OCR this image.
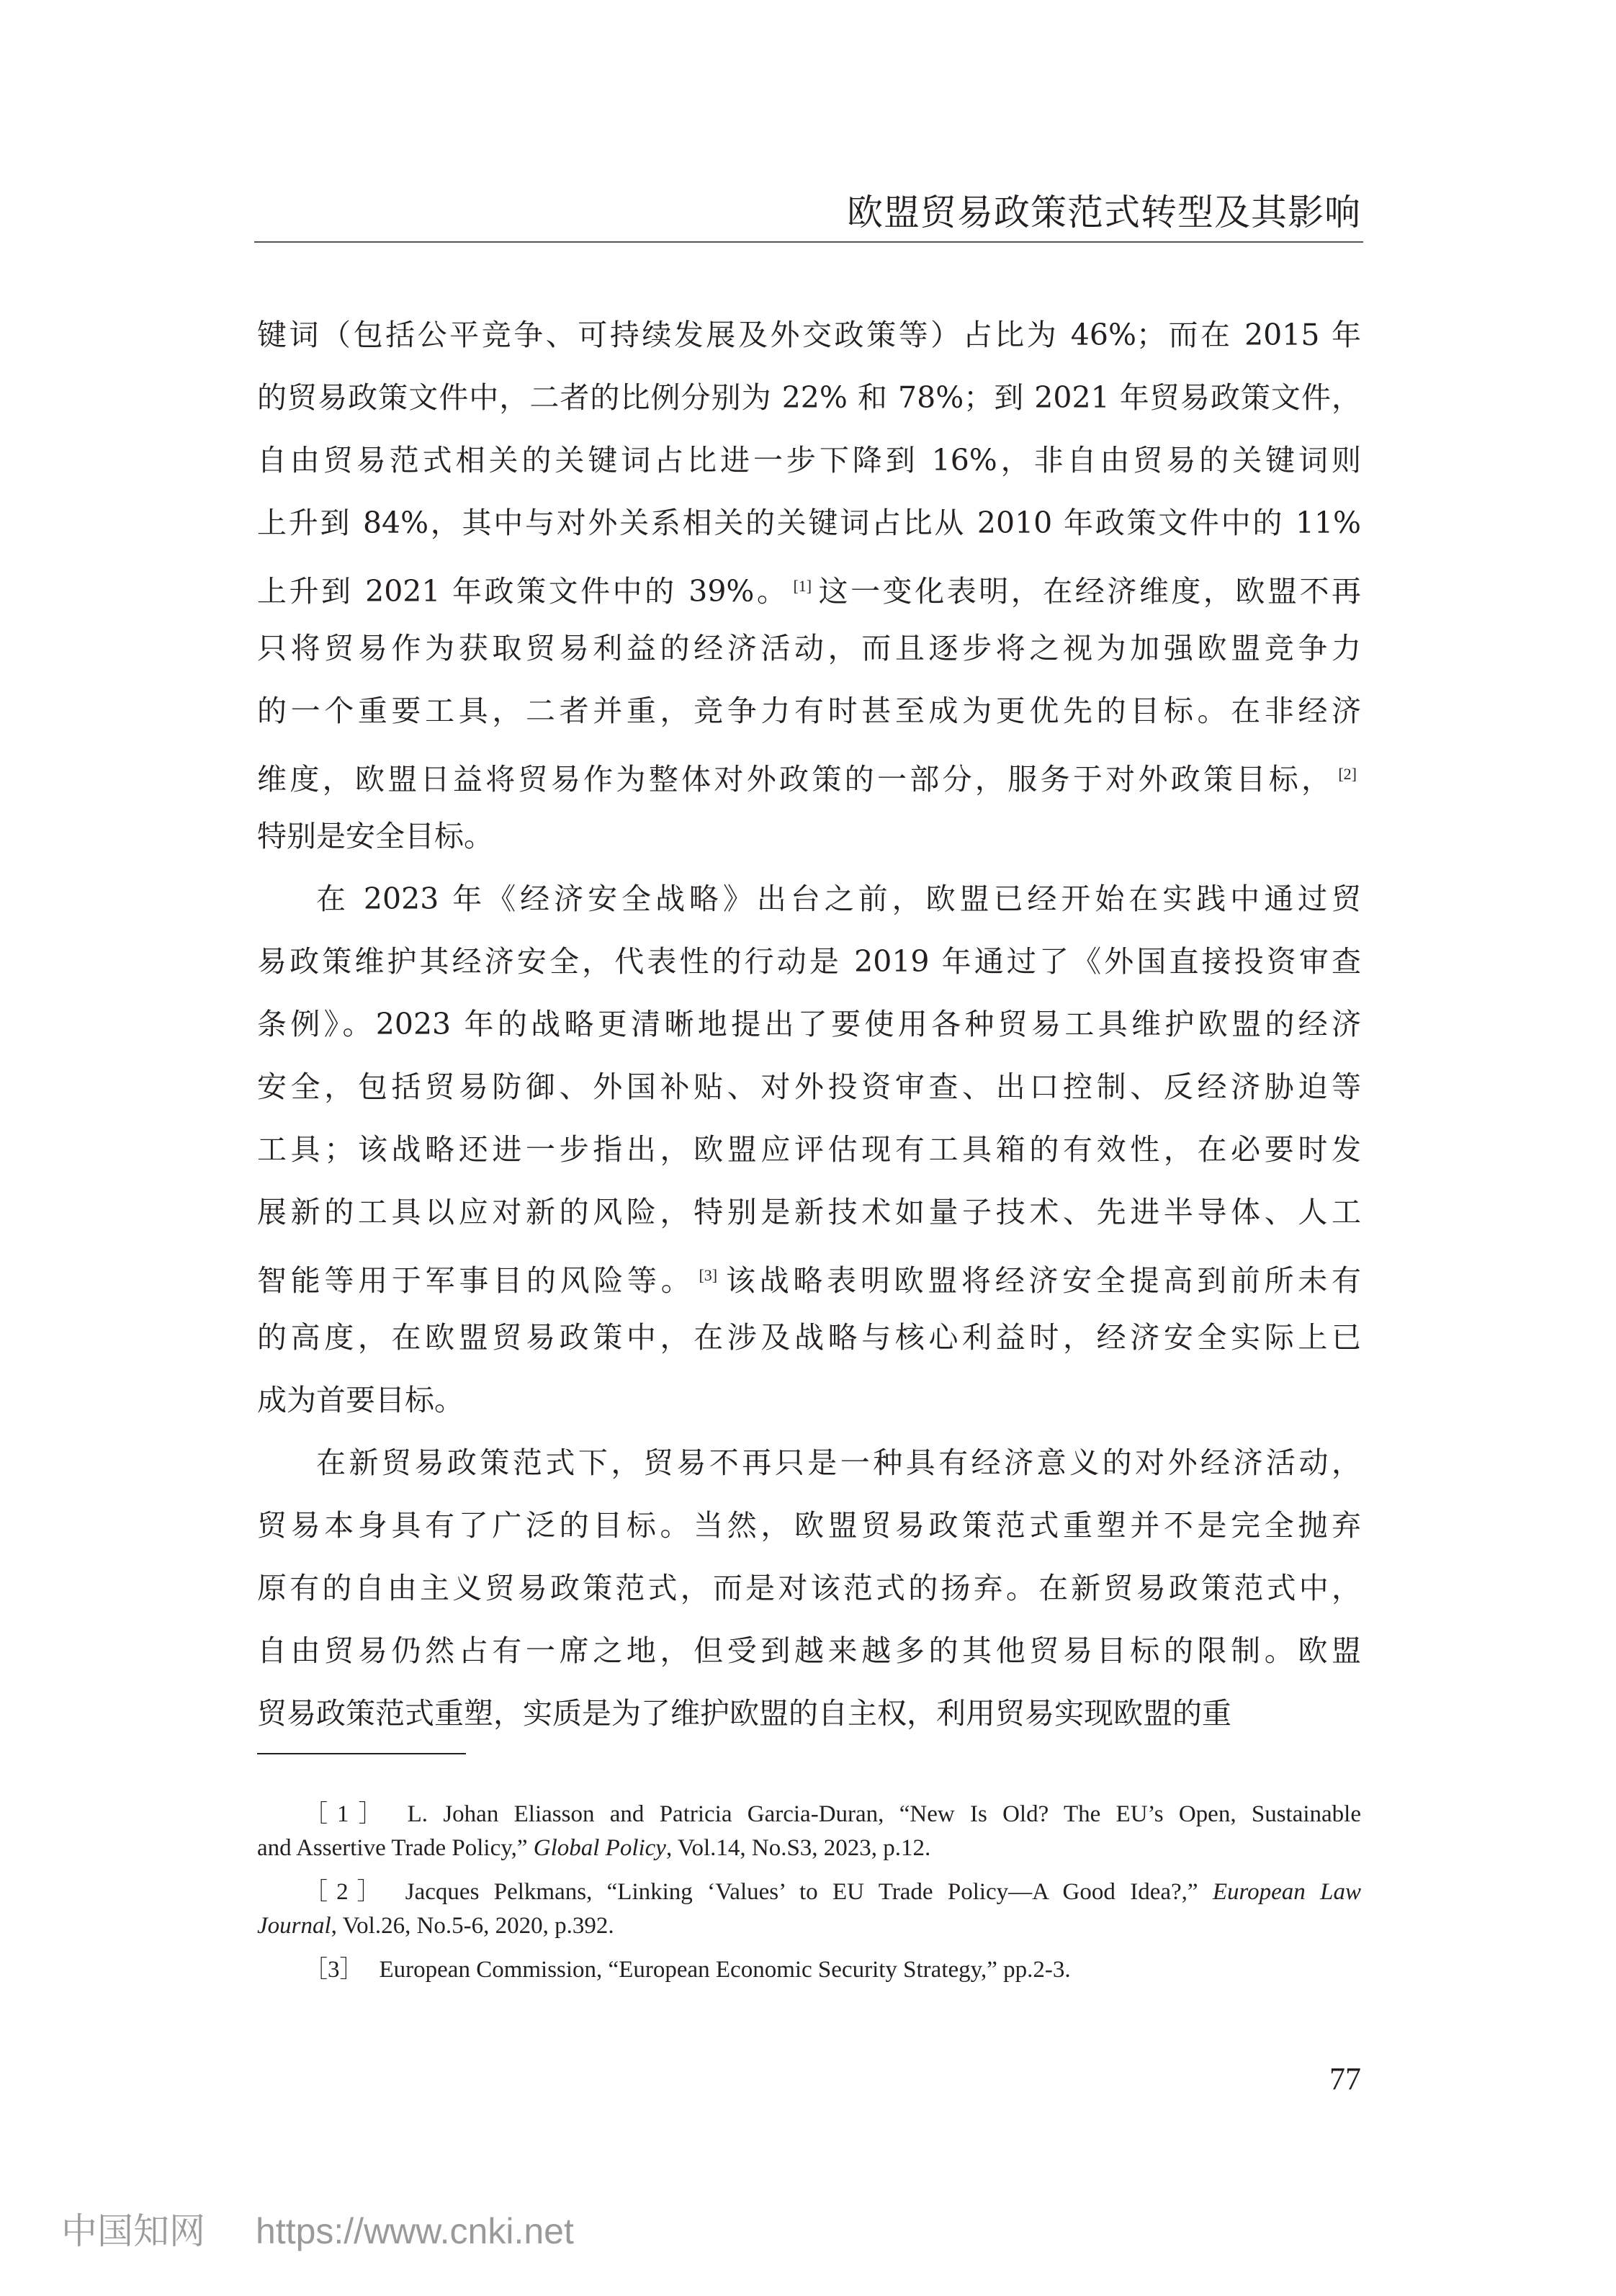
欧盟贸易政策范式转型及其影响
键词（包括公平竞争、可持续发展及外交政策等）占比为 46%；而在 2015 年
的贸易政策文件中，二者的比例分别为 22% 和 78%；到 2021 年贸易政策文件，
自由贸易范式相关的关键词占比进一步下降到 16%，非自由贸易的关键词则
上升到 84%，其中与对外关系相关的关键词占比从 2010 年政策文件中的 11%
上升到 2021 年政策文件中的 39%。 [1] 这一变化表明，在经济维度，欧盟不再
只将贸易作为获取贸易利益的经济活动，而且逐步将之视为加强欧盟竞争力
的一个重要工具，二者并重，竞争力有时甚至成为更优先的目标。在非经济
维度，欧盟日益将贸易作为整体对外政策的一部分，服务于对外政策目标， [2]
特别是安全目标。
在 2023 年《经济安全战略》出台之前，欧盟已经开始在实践中通过贸
易政策维护其经济安全，代表性的行动是 2019 年通过了《外国直接投资审查
条例》。2023 年的战略更清晰地提出了要使用各种贸易工具维护欧盟的经济
安全，包括贸易防御、外国补贴、对外投资审查、出口控制、反经济胁迫等
工具；该战略还进一步指出，欧盟应评估现有工具箱的有效性，在必要时发
展新的工具以应对新的风险，特别是新技术如量子技术、先进半导体、人工
智能等用于军事目的风险等。 [3] 该战略表明欧盟将经济安全提高到前所未有
的高度，在欧盟贸易政策中，在涉及战略与核心利益时，经济安全实际上已
成为首要目标。
在新贸易政策范式下，贸易不再只是一种具有经济意义的对外经济活动，
贸易本身具有了广泛的目标。当然，欧盟贸易政策范式重塑并不是完全抛弃
原有的自由主义贸易政策范式，而是对该范式的扬弃。在新贸易政策范式中，
自由贸易仍然占有一席之地，但受到越来越多的其他贸易目标的限制。欧盟
贸易政策范式重塑，实质是为了维护欧盟的自主权，利用贸易实现欧盟的重
［1］ L. Johan Eliasson and Patricia Garcia-Duran, “New Is Old? The EU’s Open, Sustainable
and Assertive Trade Policy,” Global Policy, Vol.14, No.S3, 2023, p.12.
［2］ Jacques Pelkmans, “Linking ‘Values’ to EU Trade Policy—A Good Idea?,” European Law
Journal, Vol.26, No.5-6, 2020, p.392.
［3］ European Commission, “European Economic Security Strategy,” pp.2-3.
77
中国知网 https://www.cnki.net
